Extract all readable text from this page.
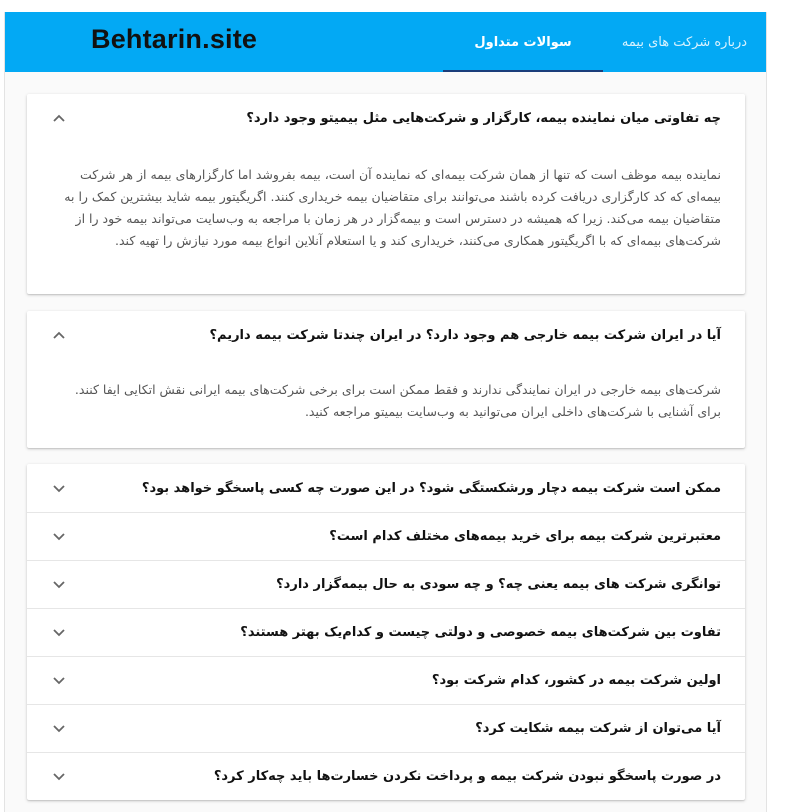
Behtarin.site	سوالات متداول	درباره شرکت های بیمه
چه تفاوتی میان نماینده بیمه، کارگزار و شرکت‌هایی مثل بیمیتو وجود دارد؟
نماینده بیمه موظف است که تنها از همان شرکت بیمه‌ای که نماینده آن است، بیمه بفروشد اما کارگزارهای بیمه از هر شرکت بیمه‌ای که کد کارگزاری دریافت کرده باشند می‌توانند برای متقاضیان بیمه خریداری کنند. اگریگیتور بیمه شاید بیشترین کمک را به متقاضیان بیمه می‌کند. زیرا که همیشه در دسترس است و بیمه‌گزار در هر زمان با مراجعه به وب‌سایت می‌تواند بیمه خود را از شرکت‌های بیمه‌ای که با اگریگیتور همکاری می‌کنند، خریداری کند و یا استعلام آنلاین انواع بیمه مورد نیازش را تهیه کند.
آیا در ایران شرکت بیمه خارجی هم وجود دارد؟ در ایران چندتا شرکت بیمه داریم؟
شرکت‌های بیمه خارجی در ایران نمایندگی ندارند و فقط ممکن است برای برخی شرکت‌های بیمه ایرانی نقش اتکایی ایفا کنند. برای آشنایی با شرکت‌های داخلی ایران می‌توانید به وب‌سایت بیمیتو مراجعه کنید.
ممکن است شرکت بیمه دچار ورشکستگی شود؟ در این صورت چه کسی پاسخگو خواهد بود؟
معتبرترین شرکت بیمه برای خرید بیمه‌های مختلف کدام است؟
توانگری شرکت های بیمه یعنی چه؟ و چه سودی به حال بیمه‌گزار دارد؟
تفاوت بین شرکت‌های بیمه خصوصی و دولتی چیست و کدام‌یک بهتر هستند؟
اولین شرکت بیمه در کشور، کدام شرکت بود؟
آیا می‌توان از شرکت بیمه شکایت کرد؟
در صورت پاسخگو نبودن شرکت بیمه و پرداخت نکردن خسارت‌ها باید چه‌کار کرد؟
